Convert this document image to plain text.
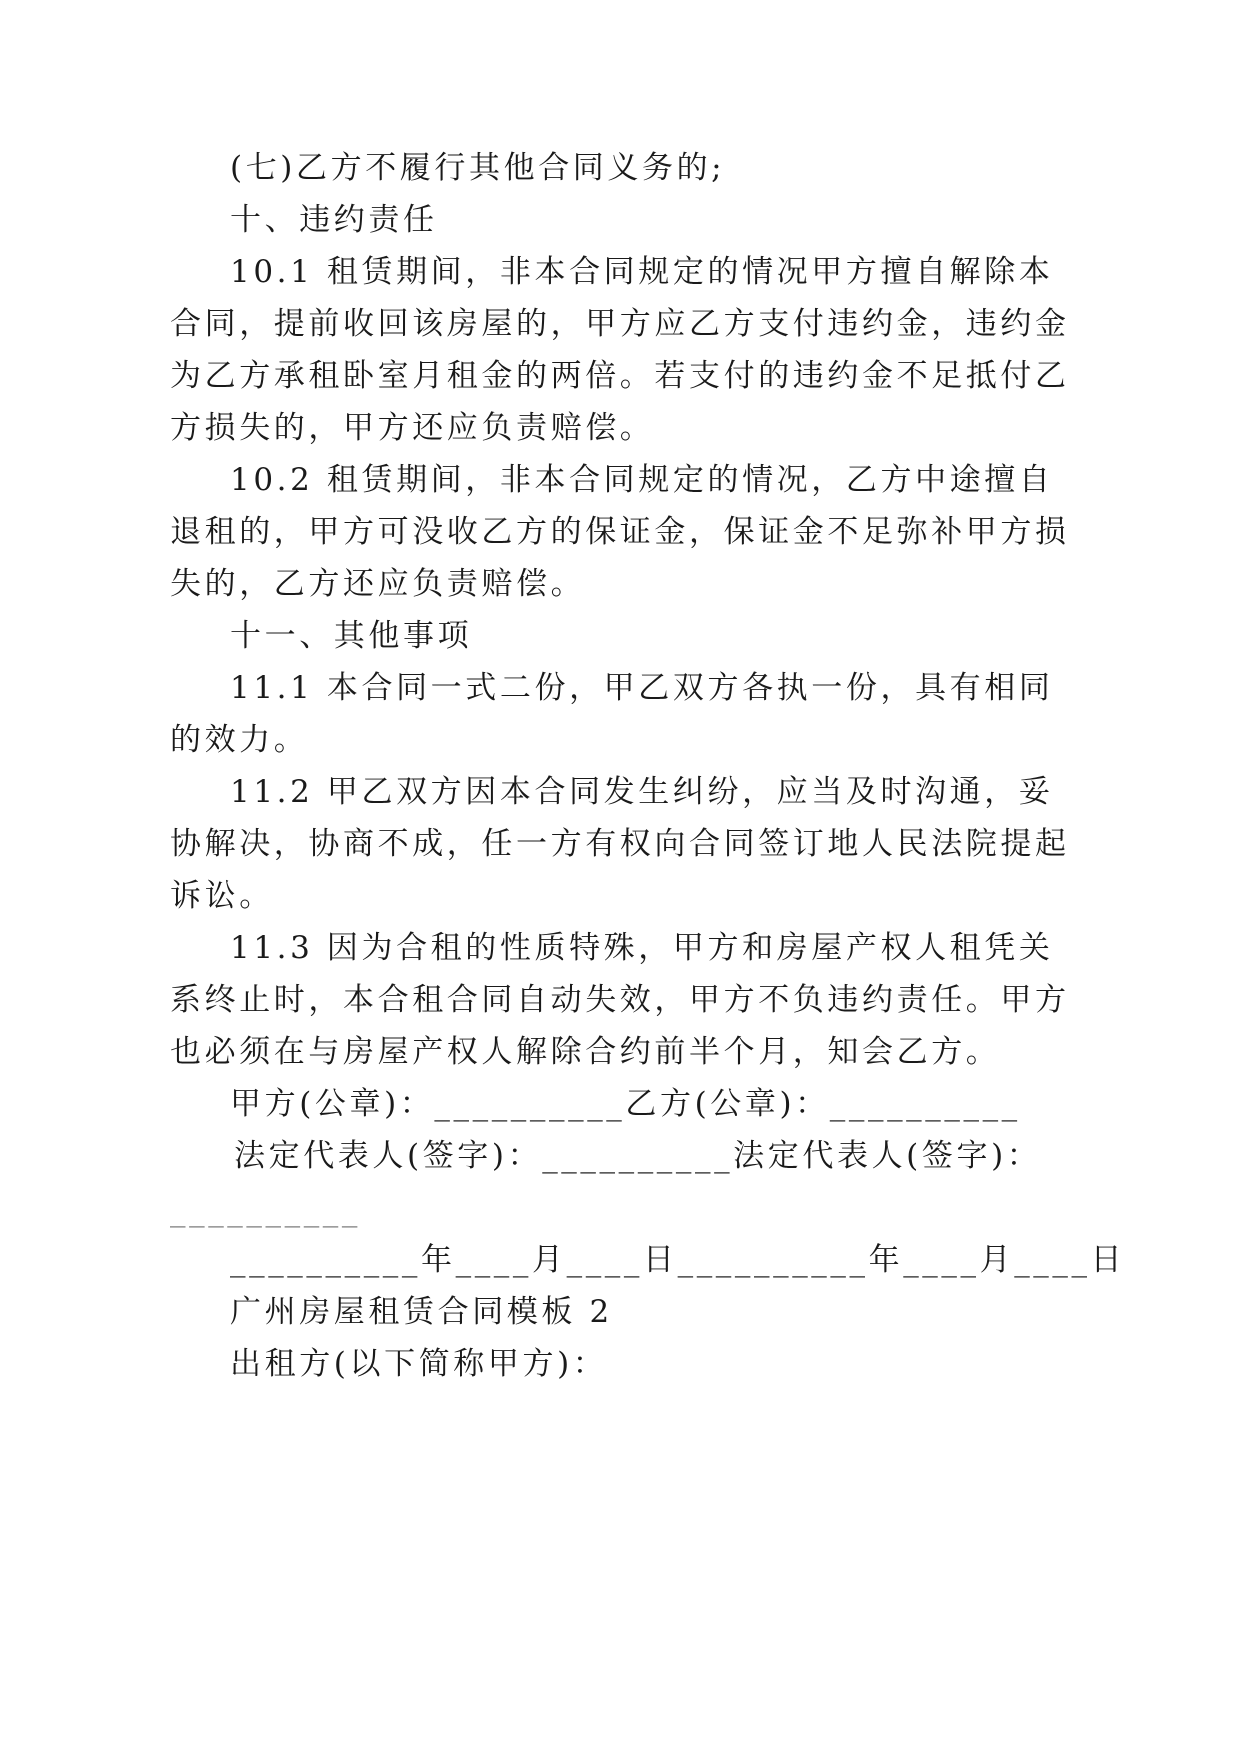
(七)乙方不履行其他合同义务的;
十、违约责任
10.1 租赁期间，非本合同规定的情况甲方擅自解除本
合同，提前收回该房屋的，甲方应乙方支付违约金，违约金
为乙方承租卧室月租金的两倍。若支付的违约金不足抵付乙
方损失的，甲方还应负责赔偿。
10.2 租赁期间，非本合同规定的情况，乙方中途擅自
退租的，甲方可没收乙方的保证金，保证金不足弥补甲方损
失的，乙方还应负责赔偿。
十一、其他事项
11.1 本合同一式二份，甲乙双方各执一份，具有相同
的效力。
11.2 甲乙双方因本合同发生纠纷，应当及时沟通，妥
协解决，协商不成，任一方有权向合同签订地人民法院提起
诉讼。
11.3 因为合租的性质特殊，甲方和房屋产权人租凭关
系终止时，本合租合同自动失效，甲方不负违约责任。甲方
也必须在与房屋产权人解除合约前半个月，知会乙方。
甲方(公章)：__________乙方(公章)：__________
法定代表人(签字)：__________法定代表人(签字)：
__________
__________年____月____日__________年____月____日
广州房屋租赁合同模板 2
出租方(以下简称甲方)：
